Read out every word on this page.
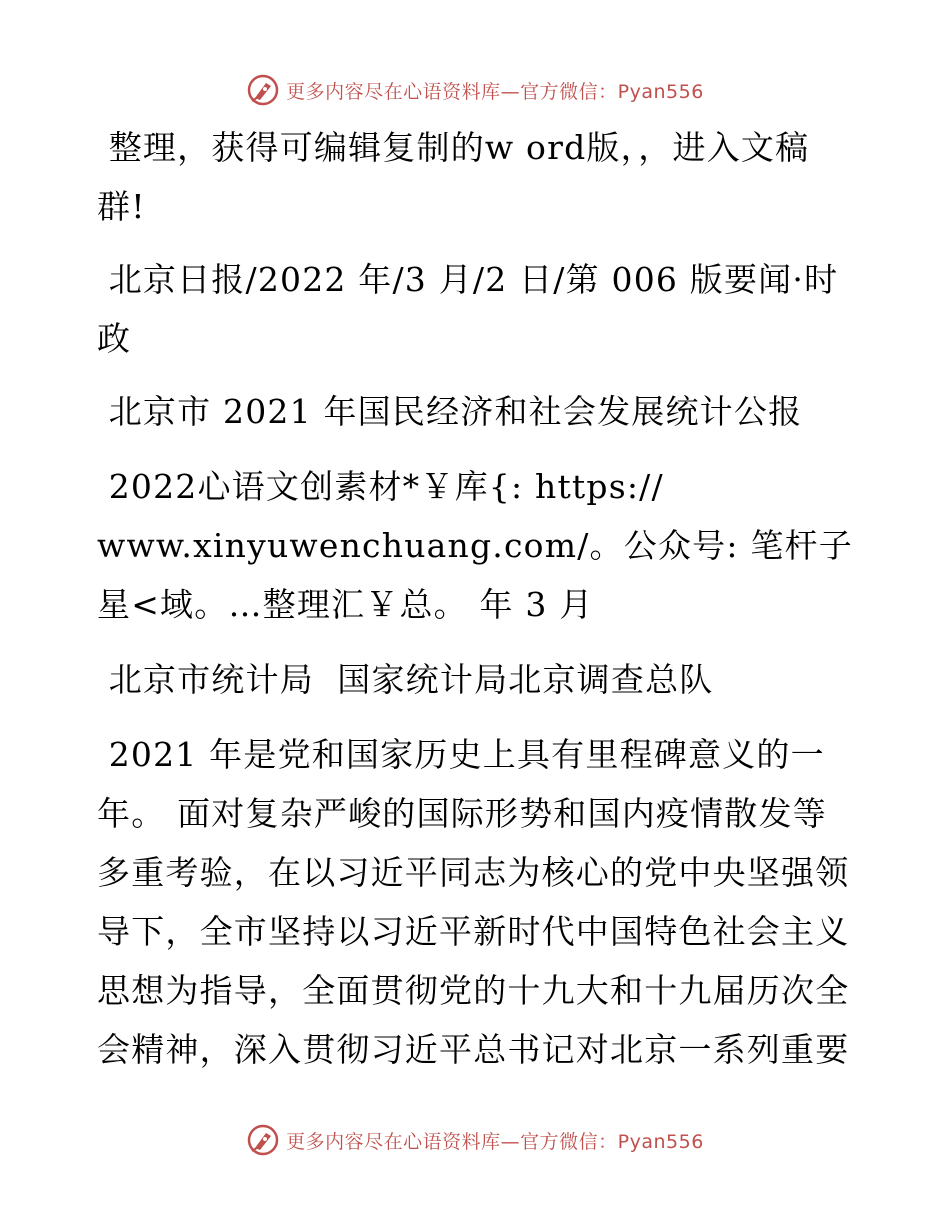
更多内容尽在心语资料库—官方微信：Pyan556

整理，获得可编辑复制的w ord版，，进入文稿群!

北京日报/2022 年/3 月/2 日/第 006 版要闻·时政

北京市 2021 年国民经济和社会发展统计公报

2022心语文创素材*￥库{: https://
www.xinyuwenchuang.com/。公众号: 笔杆子星<域。…整理汇￥总。 年 3 月

北京市统计局  国家统计局北京调查总队

2021 年是党和国家历史上具有里程碑意义的一年。 面对复杂严峻的国际形势和国内疫情散发等多重考验，在以习近平同志为核心的党中央坚强领导下，全市坚持以习近平新时代中国特色社会主义思想为指导，全面贯彻党的十九大和十九届历次全会精神，深入贯彻习近平总书记对北京一系列重要

更多内容尽在心语资料库—官方微信：Pyan556
